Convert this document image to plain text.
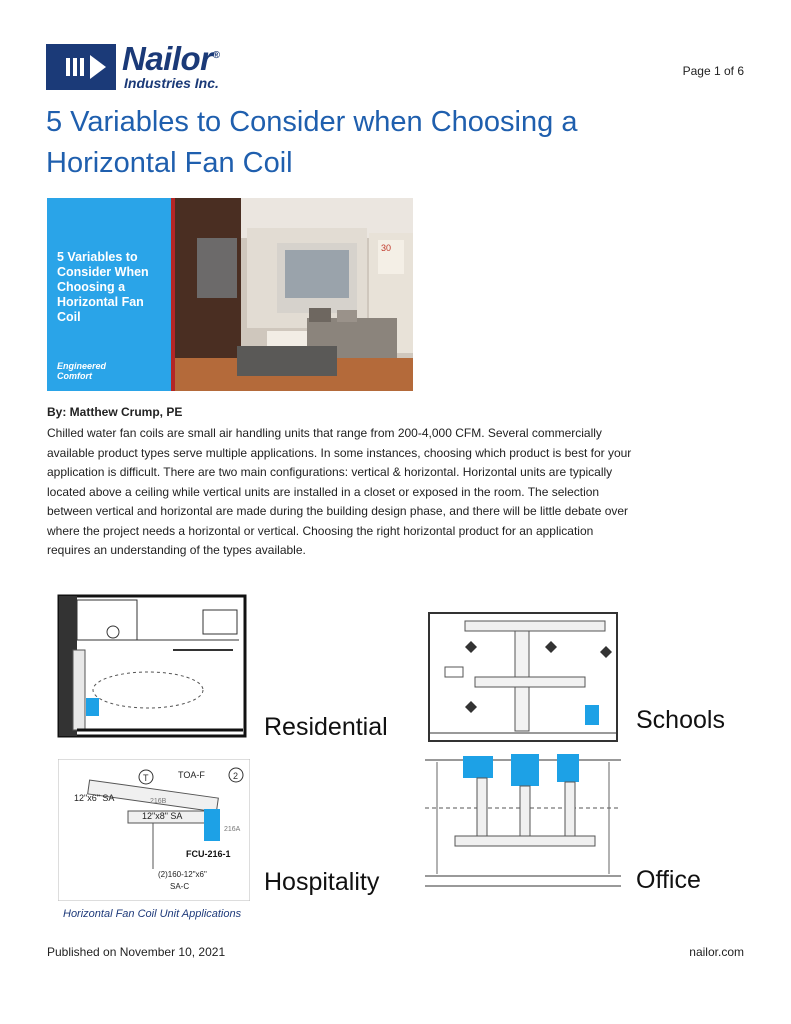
Nailor®
Industries Inc.
Page 1 of 6
5 Variables to Consider when Choosing a
Horizontal Fan Coil
30
5 Variables to
Consider When
Choosing a
Horizontal Fan
Coil
Engineered
Comfort
By: Matthew Crump, PE
Chilled water fan coils are small air handling units that range from 200-4,000 CFM. Several commercially
available product types serve multiple applications. In some instances, choosing which product is best for your
application is difficult. There are two main configurations: vertical & horizontal. Horizontal units are typically
located above a ceiling while vertical units are installed in a closet or exposed in the room. The selection
between vertical and horizontal are made during the building design phase, and there will be little debate over
where the project needs a horizontal or vertical. Choosing the right horizontal product for an application
requires an understanding of the types available.
Residential	Schools
T	2
TOA-F
12"x6" SA
12"x8" SA
216B
216A
FCU-216-1
(2)160-12"x6"
SA-C	Hospitality	Office
Horizontal Fan Coil Unit Applications
Published on November 10, 2021	nailor.com
